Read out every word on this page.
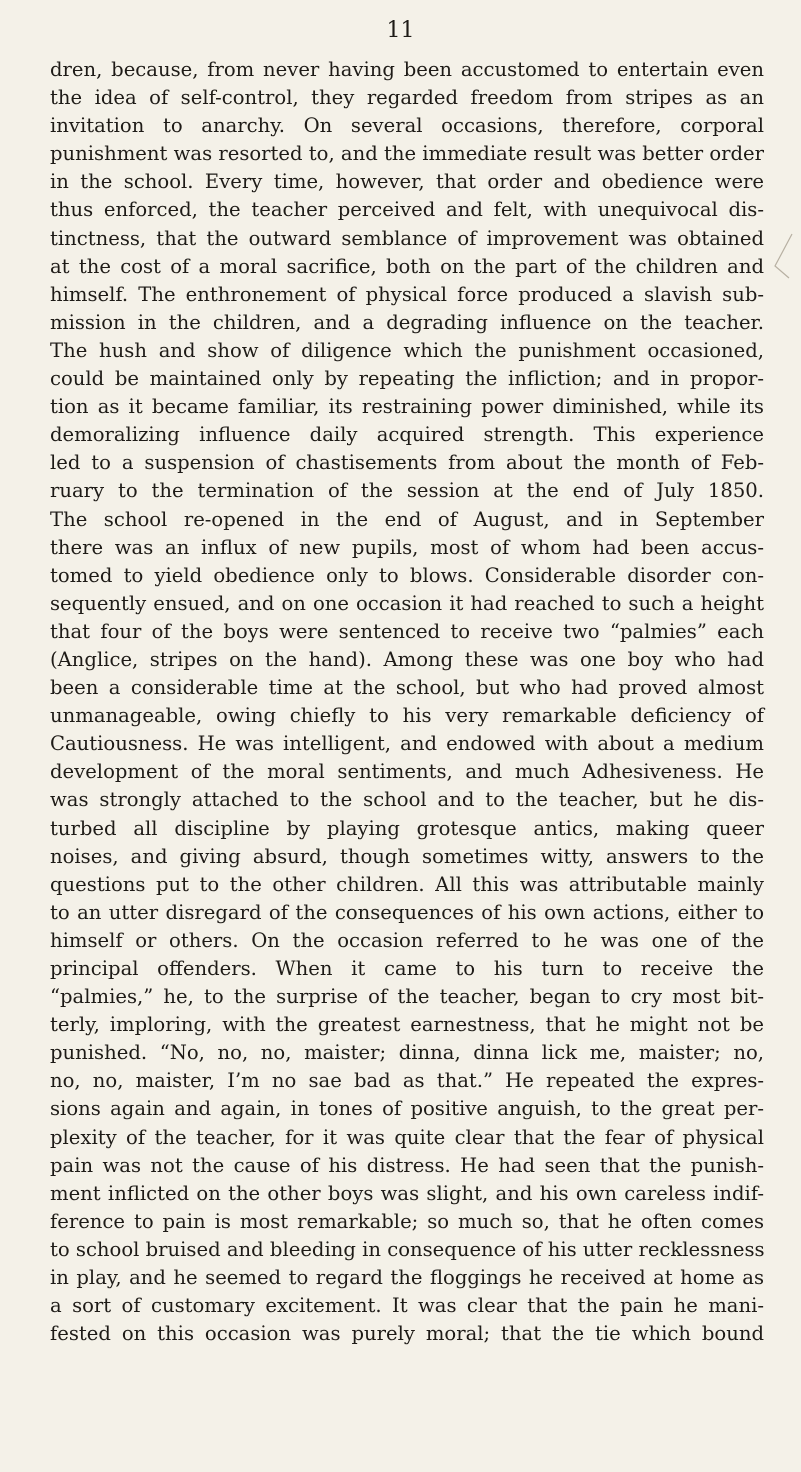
11
dren, because, from never having been accustomed to entertain even
the idea of self-control, they regarded freedom from stripes as an
invitation to anarchy. On several occasions, therefore, corporal
punishment was resorted to, and the immediate result was better order
in the school. Every time, however, that order and obedience were
thus enforced, the teacher perceived and felt, with unequivocal dis-
tinctness, that the outward semblance of improvement was obtained
at the cost of a moral sacrifice, both on the part of the children and
himself. The enthronement of physical force produced a slavish sub-
mission in the children, and a degrading influence on the teacher.
The hush and show of diligence which the punishment occasioned,
could be maintained only by repeating the infliction; and in propor-
tion as it became familiar, its restraining power diminished, while its
demoralizing influence daily acquired strength. This experience
led to a suspension of chastisements from about the month of Feb-
ruary to the termination of the session at the end of July 1850.
The school re-opened in the end of August, and in September
there was an influx of new pupils, most of whom had been accus-
tomed to yield obedience only to blows. Considerable disorder con-
sequently ensued, and on one occasion it had reached to such a height
that four of the boys were sentenced to receive two “palmies” each
(Anglice, stripes on the hand). Among these was one boy who had
been a considerable time at the school, but who had proved almost
unmanageable, owing chiefly to his very remarkable deficiency of
Cautiousness. He was intelligent, and endowed with about a medium
development of the moral sentiments, and much Adhesiveness. He
was strongly attached to the school and to the teacher, but he dis-
turbed all discipline by playing grotesque antics, making queer
noises, and giving absurd, though sometimes witty, answers to the
questions put to the other children. All this was attributable mainly
to an utter disregard of the consequences of his own actions, either to
himself or others. On the occasion referred to he was one of the
principal offenders. When it came to his turn to receive the
“palmies,” he, to the surprise of the teacher, began to cry most bit-
terly, imploring, with the greatest earnestness, that he might not be
punished. “No, no, no, maister; dinna, dinna lick me, maister; no,
no, no, maister, I’m no sae bad as that.” He repeated the expres-
sions again and again, in tones of positive anguish, to the great per-
plexity of the teacher, for it was quite clear that the fear of physical
pain was not the cause of his distress. He had seen that the punish-
ment inflicted on the other boys was slight, and his own careless indif-
ference to pain is most remarkable; so much so, that he often comes
to school bruised and bleeding in consequence of his utter recklessness
in play, and he seemed to regard the floggings he received at home as
a sort of customary excitement. It was clear that the pain he mani-
fested on this occasion was purely moral; that the tie which bound
